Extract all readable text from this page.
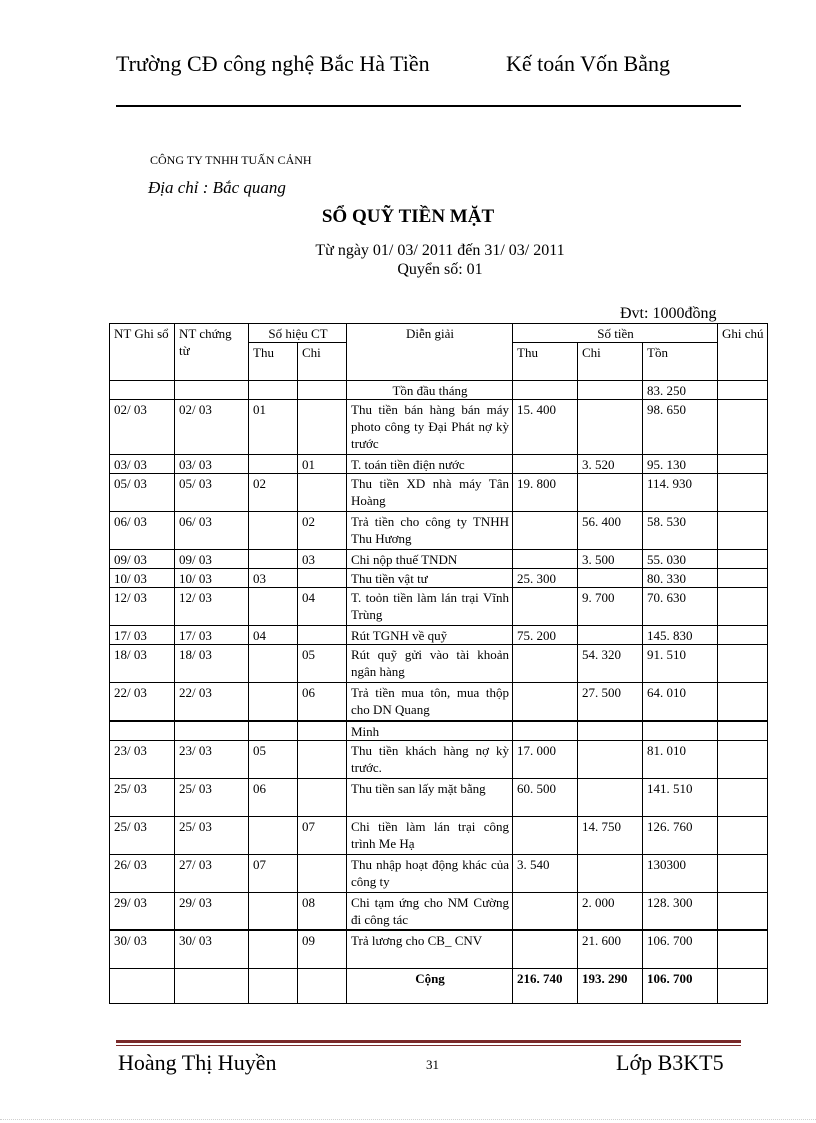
Trường CĐ công nghệ Bắc Hà Tiền	Kế toán Vốn Bằng
CÔNG TY TNHH TUẤN CẢNH
Địa chỉ : Bắc quang
SỔ QUỸ TIỀN MẶT
Từ ngày 01/ 03/ 2011 đến 31/ 03/ 2011
Quyển số: 01
Đvt: 1000đồng
NT Ghi sổ	NT chứng từ	Số hiệu CT		Diễn giải	Số tiền			Ghi chú
		Thu	Chi		Thu	Chi	Tồn	
				Tồn đầu tháng			83. 250	
02/ 03	02/ 03	01		Thu tiền bán hàng bán máy photo công ty Đại Phát nợ kỳ trước	15. 400		98. 650	
03/ 03	03/ 03		01	T. toán tiền điện nước		3. 520	95. 130	
05/ 03	05/ 03	02		Thu tiền XD nhà máy Tân Hoàng	19. 800		114. 930	
06/ 03	06/ 03		02	Trả tiền cho công ty TNHH Thu Hương		56. 400	58. 530	
09/ 03	09/ 03		03	Chi nộp thuế TNDN		3. 500	55. 030	
10/ 03	10/ 03	03		Thu tiền vật tư	25. 300		80. 330	
12/ 03	12/ 03		04	T. toỏn tiền làm lán trại Vĩnh Trùng		9. 700	70. 630	
17/ 03	17/ 03	04		Rút TGNH về quỹ	75. 200		145. 830	
18/ 03	18/ 03		05	Rút quỹ gửi vào tài khoản ngân hàng		54. 320	91. 510	
22/ 03	22/ 03		06	Trả tiền mua tôn, mua thộp cho DN Quang		27. 500	64. 010	
				Minh				
23/ 03	23/ 03	05		Thu tiền khách hàng nợ kỳ trước.	17. 000		81. 010	
25/ 03	25/ 03	06		Thu tiền san lấy mặt bằng	60. 500		141. 510	
25/ 03	25/ 03		07	Chi tiền làm lán trại công trình Me Hạ		14. 750	126. 760	
26/ 03	27/ 03	07		Thu nhập hoạt động khác của công ty	3. 540		130300	
29/ 03	29/ 03		08	Chi tạm ứng cho NM Cường đi công tác		2. 000	128. 300	
30/ 03	30/ 03		09	Trả lương cho CB_ CNV		21. 600	106. 700	
				Cộng	216. 740	193. 290	106. 700	
Hoàng Thị Huyền	31	Lớp B3KT5
